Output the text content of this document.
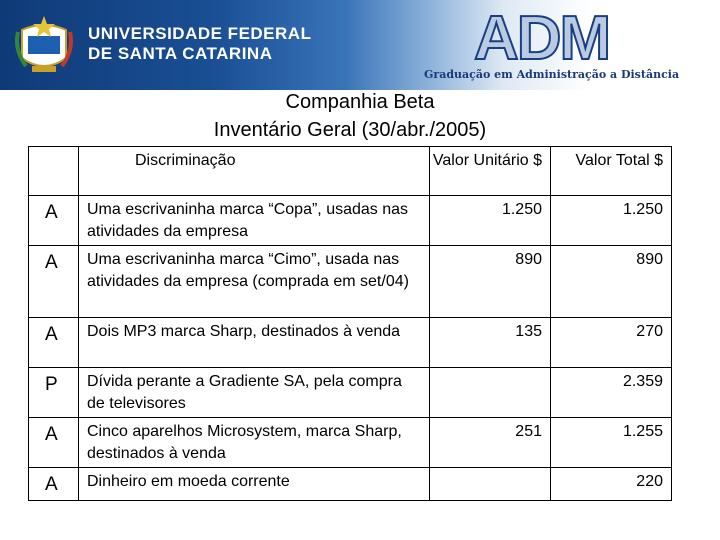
UNIVERSIDADE FEDERAL
DE SANTA CATARINA	ADM
Graduação em Administração a Distância
Companhia Beta
Inventário Geral (30/abr./2005)
	Discriminação	Valor Unitário $	Valor Total $

A	Uma escrivaninha marca “Copa”, usadas nas atividades da empresa	1.250	1.250

A	Uma escrivaninha marca “Cimo”, usada nas atividades da empresa (comprada em set/04)	890	890

A	Dois MP3 marca Sharp, destinados à venda	135	270

P	Dívida perante a Gradiente SA, pela compra de televisores		2.359

A	Cinco aparelhos Microsystem, marca Sharp, destinados à venda	251	1.255

A	Dinheiro em moeda corrente		220
